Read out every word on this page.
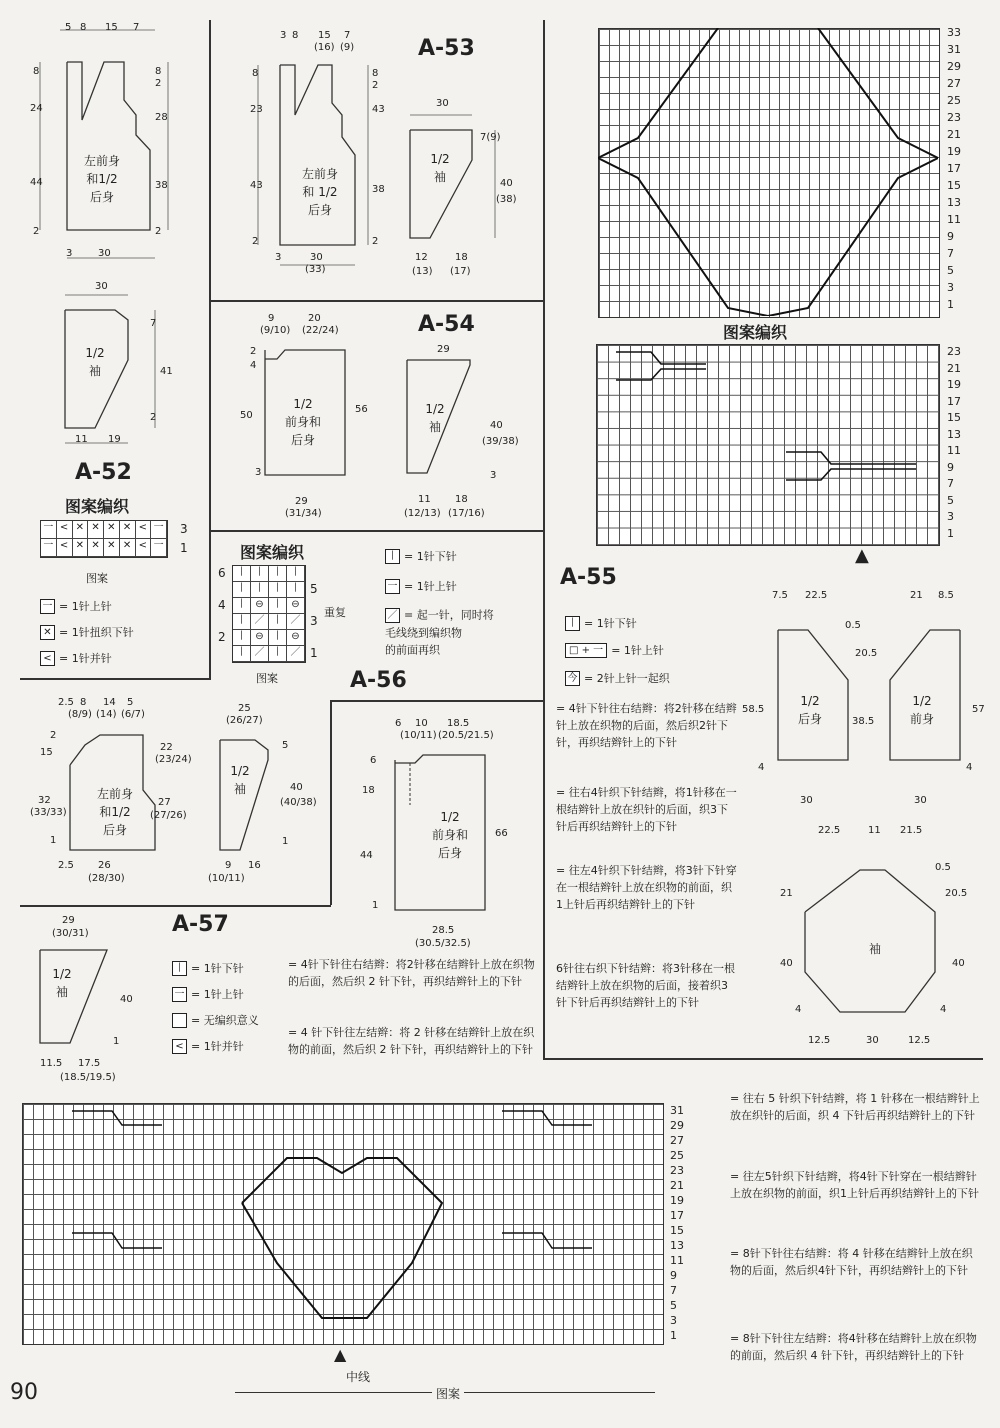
5 8 15 7
8	8
2
24
28
44	38
2	2
3	30
左前身
和1/2
后身
30
7
41
2
11 19
1/2
袖
A-52
图案编织
一 < ✕ ✕ ✕ ✕ < 一
一 < ✕ ✕ ✕ ✕ < 一
3
1
图案
一 = 1针上针
✕ = 1针扭织下针
< = 1针并针
A-53
3 8 15 7
(16) (9)
8	8
2
23	43
38
43
2	2
3	30
(33)
左前身
和 1/2
后身
30
7(9)
40
(38)
12	18
(13) (17)
1/2
袖
A-54
9	20
(9/10) (22/24)
2
4
50
56
3
29
(31/34)
1/2
前身和
后身
29
40
(39/38)
3
11 18
(12/13) (17/16)
1/2
袖
图案编织
丨 丨 丨 丨
丨 丨 丨 丨
丨 ⊖ 丨 ⊖
丨 ／ 丨 ／
丨 ⊖ 丨 ⊖
丨 ／ 丨 ／
6
4
2
5
3
1
重复
图案
丨 = 1针下针
一 = 1针上针
／ = 起一针，同时将
毛线绕到编织物
的前面再织
A-56
2.5 8 14 5
(8/9) (14) (6/7)
2
15	22
(23/24)
32
(33/33)
27
(27/26)
1
2.5 26
(28/30)
左前身
和1/2
后身
25
(26/27)
5
40
(40/38)
1
9 16
(10/11)
1/2
袖
6 10 18.5
(10/11) (20.5/21.5)
6
18
66
44
1
28.5
(30.5/32.5)
1/2
前身和
后身
33
31
29
27
25
23
21
19
17
15
13
11
9
7
5
3
1
图案编织
23
21
19
17
15
13
11
9
7
5
3
1
▲
A-55
丨 = 1针下针
□ + 一 = 1针上针
今 = 2针上针一起织
= 4针下针往右结辫：将2针移在结辫针上放在织物的后面，然后织2针下针，再织结辫针上的下针
= 往右4针织下针结辫，将1针移在一根结辫针上放在织针的后面，织3下针后再织结辫针上的下针
= 往左4针织下针结辫，将3针下针穿在一根结辫针上放在织物的前面，织1上针后再织结辫针上的下针
6针往右织下针结辫：将3针移在一根结辫针上放在织物的后面，接着织3针下针后再织结辫针上的下针
7.5 22.5	21 8.5
0.5
20.5
38.5
58.5	57
4	4
30	30
1/2
后身
1/2
前身
22.5	11 21.5
0.5
21	20.5
40	40
4	4
12.5	30	12.5
袖
29
(30/31)
40
1
11.5 17.5
(18.5/19.5)
1/2
袖
A-57
丨 = 1针下针
一 = 1针上针
= 无编织意义
< = 1针并针
= 4针下针往右结辫：将2针移在结辫针上放在织物的后面，然后织 2 针下针，再织结辫针上的下针
= 4 针下针往左结辫：将 2 针移在结辫针上放在织物的前面，然后织 2 针下针，再织结辫针上的下针
31
29
27
25
23
21
19
17
15
13
11
9
7
5
3
1
▲
中线
图案
= 往右 5 针织下针结辫，将 1 针移在一根结辫针上放在织针的后面，织 4 下针后再织结辫针上的下针
= 往左5针织下针结辫，将4针下针穿在一根结辫针上放在织物的前面，织1上针后再织结辫针上的下针
= 8针下针往右结辫：将 4 针移在结辫针上放在织物的后面，然后织4针下针，再织结辫针上的下针
= 8针下针往左结辫：将4针移在结辫针上放在织物的前面，然后织 4 针下针，再织结辫针上的下针
90
